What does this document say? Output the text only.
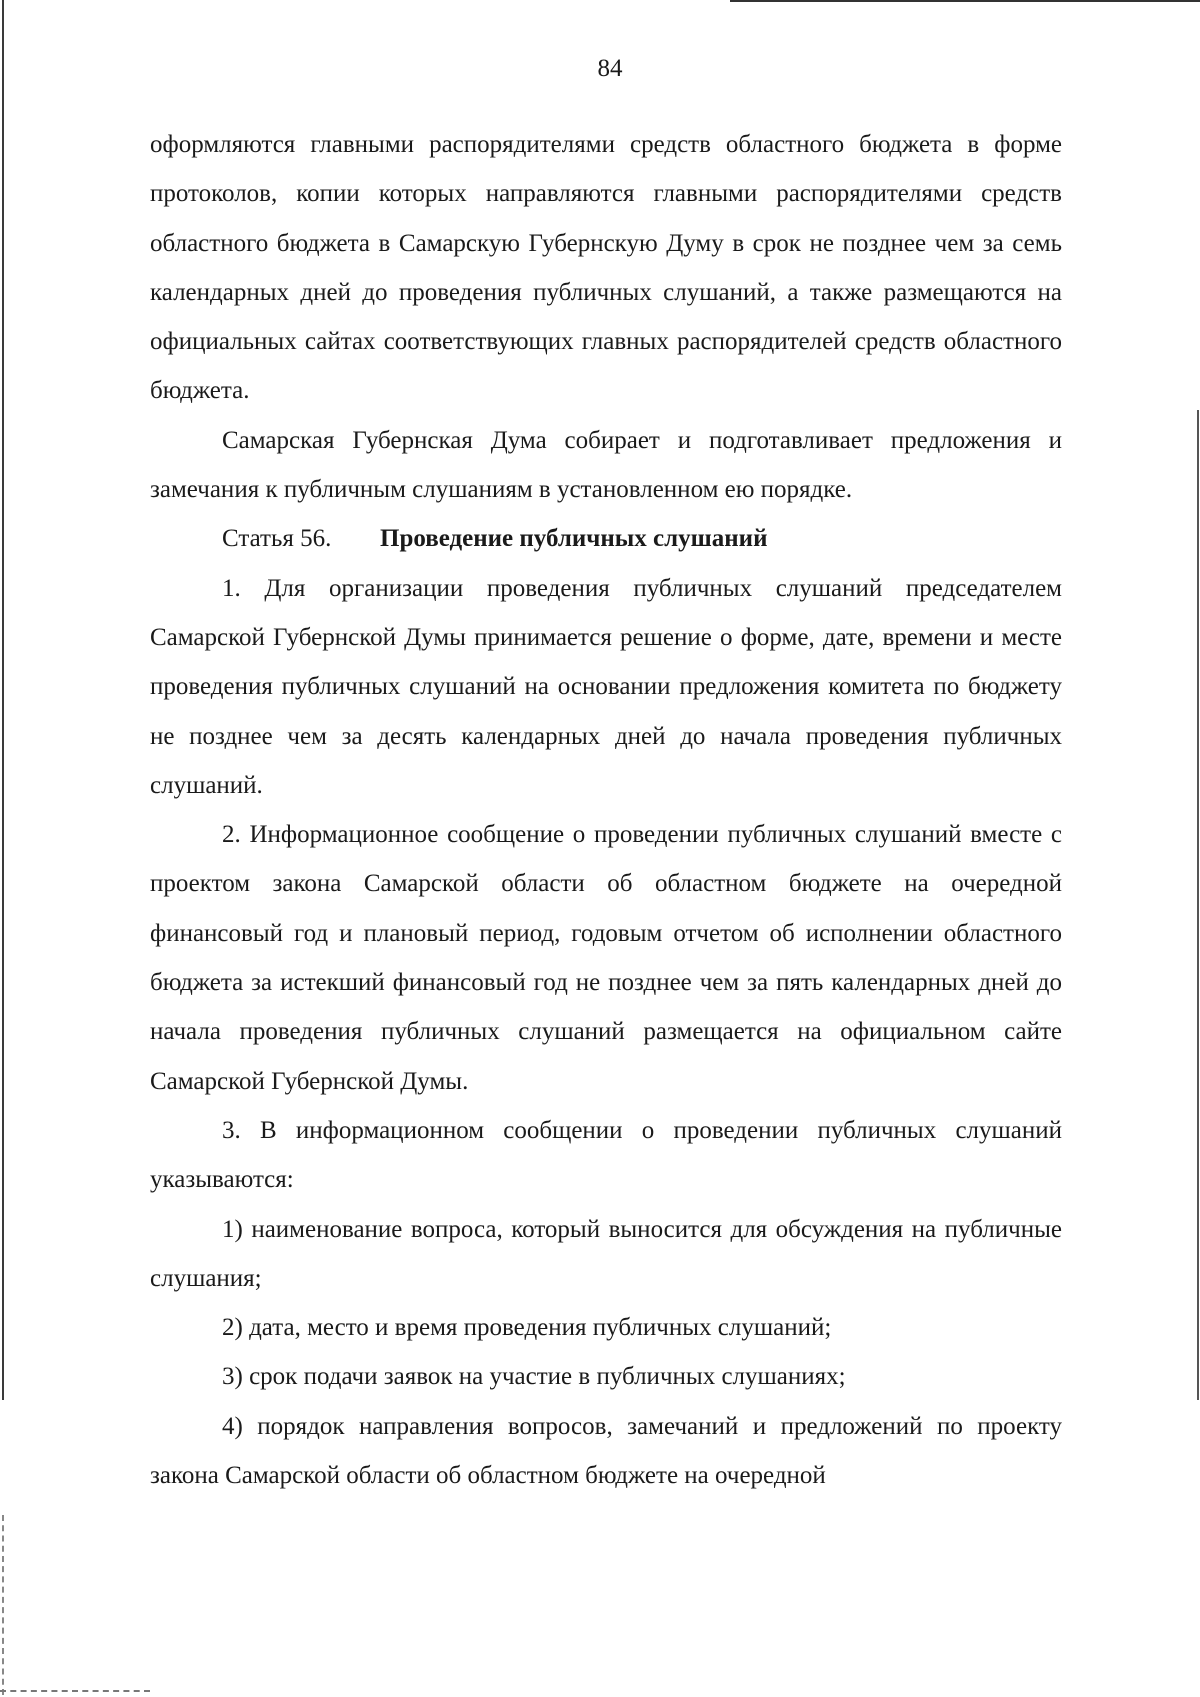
84

оформляются главными распорядителями средств областного бюджета в форме протоколов, копии которых направляются главными распорядителями средств областного бюджета в Самарскую Губернскую Думу в срок не позднее чем за семь календарных дней до проведения публичных слушаний, а также размещаются на официальных сайтах соответствующих главных распорядителей средств областного бюджета.

Самарская Губернская Дума собирает и подготавливает предложения и замечания к публичным слушаниям в установленном ею порядке.

Статья 56. Проведение публичных слушаний

1. Для организации проведения публичных слушаний председателем Самарской Губернской Думы принимается решение о форме, дате, времени и месте проведения публичных слушаний на основании предложения комитета по бюджету не позднее чем за десять календарных дней до начала проведения публичных слушаний.

2. Информационное сообщение о проведении публичных слушаний вместе с проектом закона Самарской области об областном бюджете на очередной финансовый год и плановый период, годовым отчетом об исполнении областного бюджета за истекший финансовый год не позднее чем за пять календарных дней до начала проведения публичных слушаний размещается на официальном сайте Самарской Губернской Думы.

3. В информационном сообщении о проведении публичных слушаний указываются:

1) наименование вопроса, который выносится для обсуждения на публичные слушания;

2) дата, место и время проведения публичных слушаний;

3) срок подачи заявок на участие в публичных слушаниях;

4) порядок направления вопросов, замечаний и предложений по проекту закона Самарской области об областном бюджете на очередной
